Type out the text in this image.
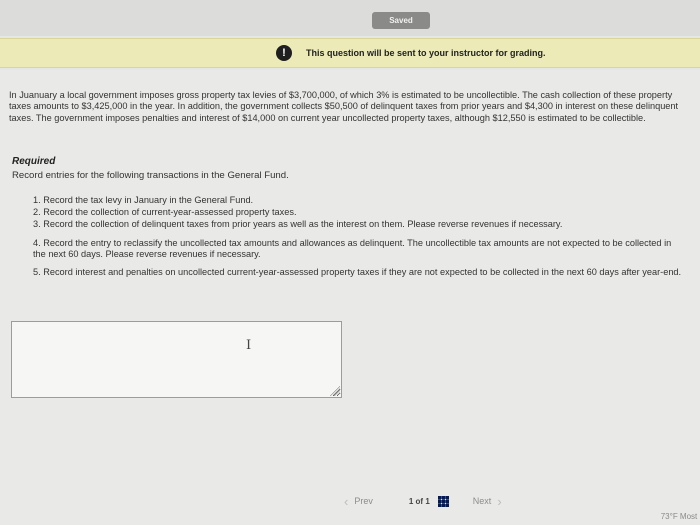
Saved
!	This question will be sent to your instructor for grading.

In Juanuary a local government imposes gross property tax levies of $3,700,000, of which 3% is estimated to be uncollectible. The cash collection of these property taxes amounts to $3,425,000 in the year. In addition, the government collects $50,500 of delinquent taxes from prior years and $4,300 in interest on these delinquent taxes. The government imposes penalties and interest of $14,000 on current year uncollected property taxes, although $12,550 is estimated to be collectible.

Required
Record entries for the following transactions in the General Fund.
1. Record the tax levy in January in the General Fund.
2. Record the collection of current-year-assessed property taxes.
3. Record the collection of delinquent taxes from prior years as well as the interest on them. Please reverse revenues if necessary.
4. Record the entry to reclassify the uncollected tax amounts and allowances as delinquent. The uncollectible tax amounts are not expected to be collected in the next 60 days. Please reverse revenues if necessary.
5. Record interest and penalties on uncollected current-year-assessed property taxes if they are not expected to be collected in the next 60 days after year-end.
I
‹ Prev	1 of 1	Next ›
73°F Most
